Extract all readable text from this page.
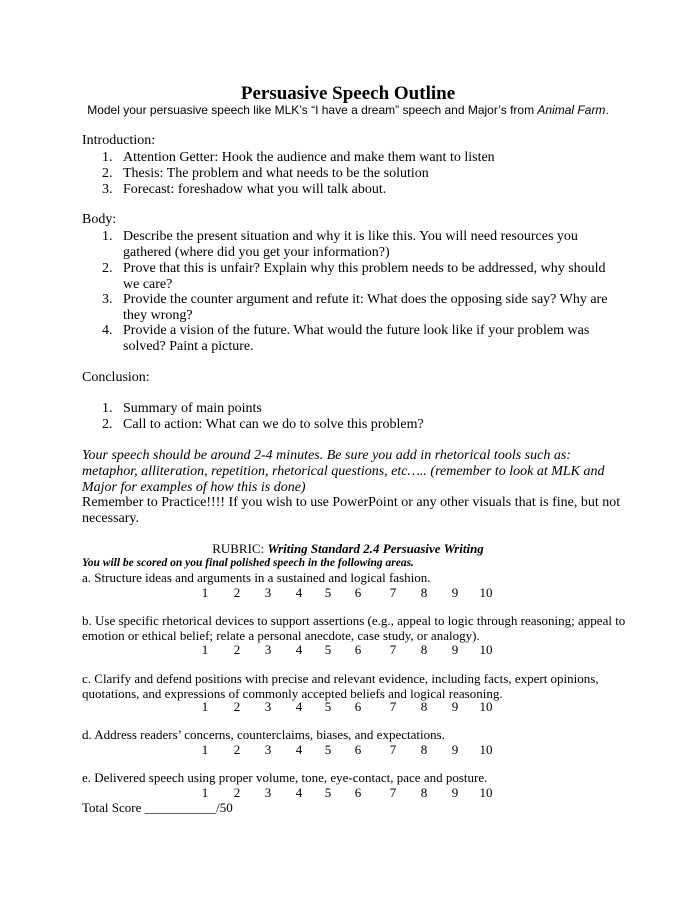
Persuasive Speech Outline
Model your persuasive speech like MLK’s “I have a dream” speech and Major’s from Animal Farm.
Introduction:
1. Attention Getter: Hook the audience and make them want to listen
2. Thesis: The problem and what needs to be the solution
3. Forecast: foreshadow what you will talk about.
Body:
1. Describe the present situation and why it is like this. You will need resources you gathered (where did you get your information?)
2. Prove that this is unfair? Explain why this problem needs to be addressed, why should we care?
3. Provide the counter argument and refute it: What does the opposing side say? Why are they wrong?
4. Provide a vision of the future. What would the future look like if your problem was solved? Paint a picture.
Conclusion:
1. Summary of main points
2. Call to action: What can we do to solve this problem?
Your speech should be around 2-4 minutes. Be sure you add in rhetorical tools such as: metaphor, alliteration, repetition, rhetorical questions, etc….. (remember to look at MLK and Major for examples of how this is done)
Remember to Practice!!!! If you wish to use PowerPoint or any other visuals that is fine, but not necessary.
RUBRIC: Writing Standard 2.4 Persuasive Writing
You will be scored on you final polished speech in the following areas.
a. Structure ideas and arguments in a sustained and logical fashion.
1 2 3 4 5 6 7 8 9 10
b. Use specific rhetorical devices to support assertions (e.g., appeal to logic through reasoning; appeal to emotion or ethical belief; relate a personal anecdote, case study, or analogy).
1 2 3 4 5 6 7 8 9 10
c. Clarify and defend positions with precise and relevant evidence, including facts, expert opinions, quotations, and expressions of commonly accepted beliefs and logical reasoning.
1 2 3 4 5 6 7 8 9 10
d. Address readers’ concerns, counterclaims, biases, and expectations.
1 2 3 4 5 6 7 8 9 10
e. Delivered speech using proper volume, tone, eye-contact, pace and posture.
1 2 3 4 5 6 7 8 9 10
Total Score ___________/50
